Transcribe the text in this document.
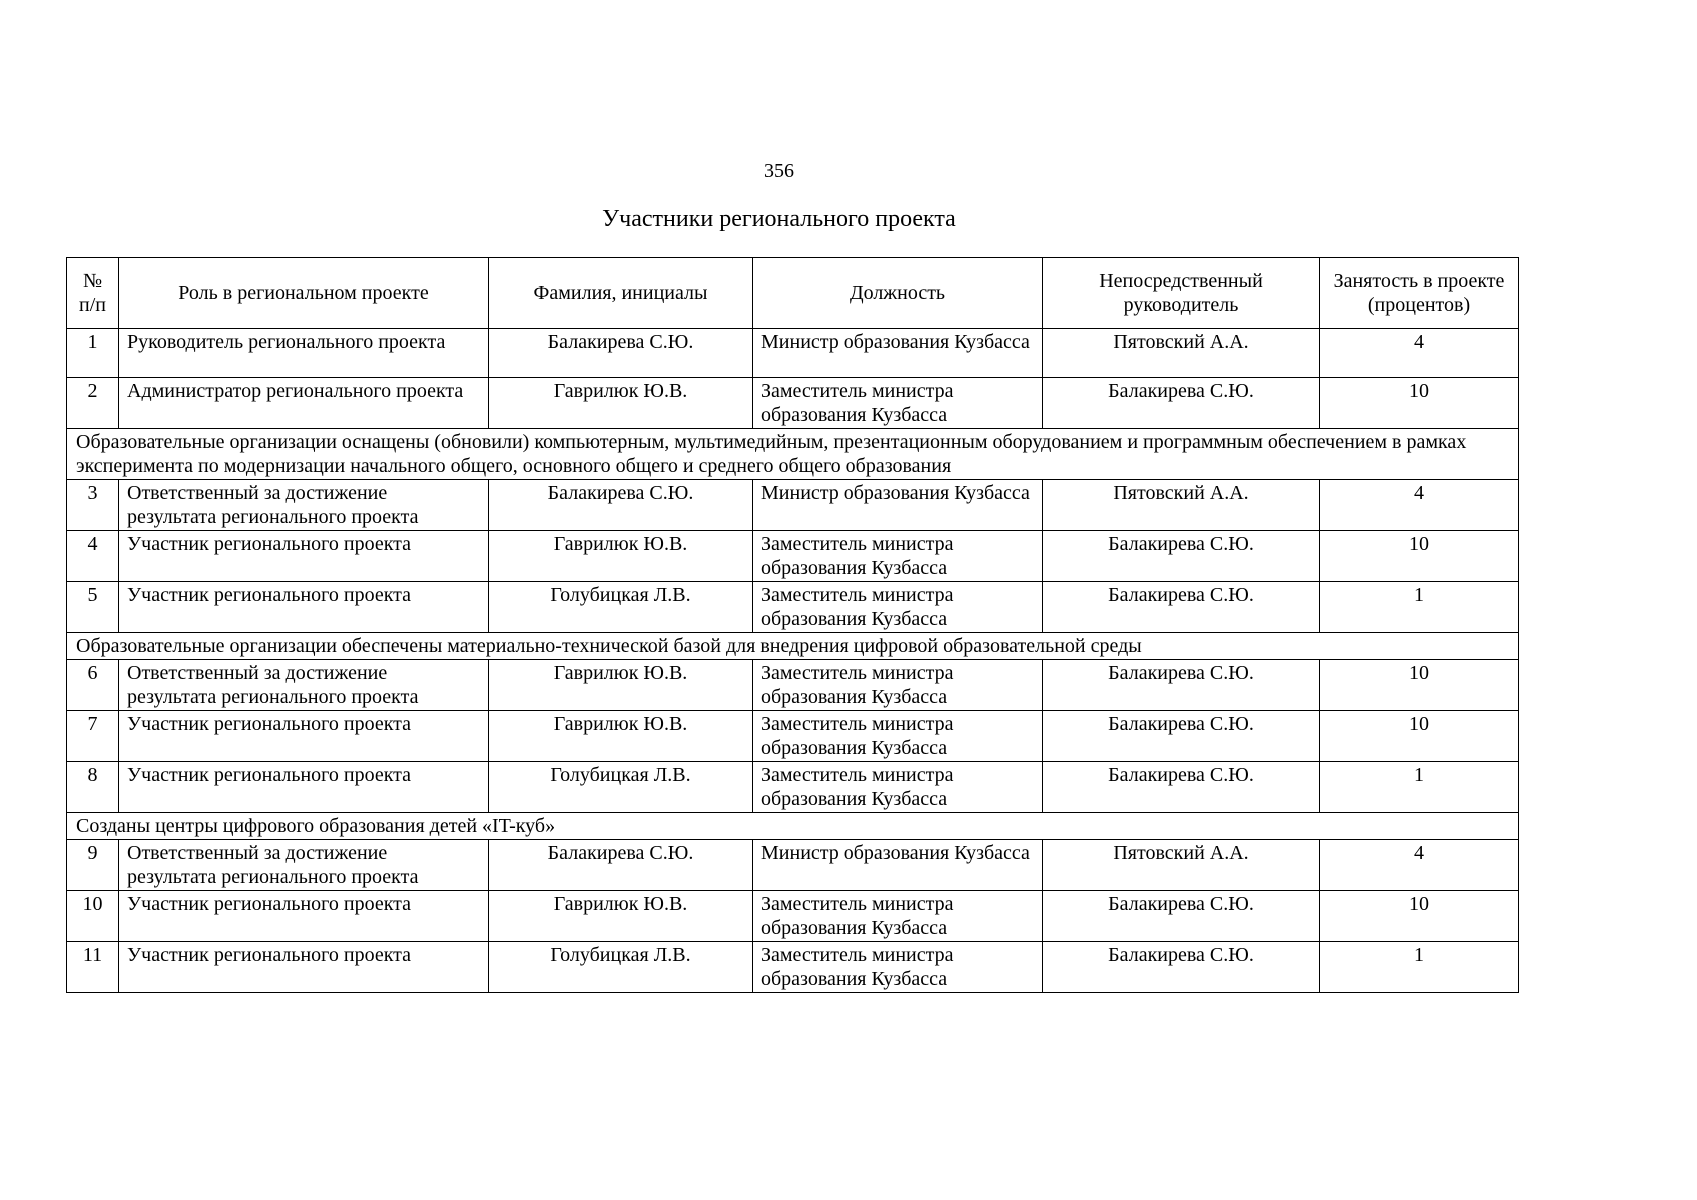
356
Участники регионального проекта
№ п/п	Роль в региональном проекте	Фамилия, инициалы	Должность	Непосредственный руководитель	Занятость в проекте (процентов)
1	Руководитель регионального проекта	Балакирева С.Ю.	Министр образования Кузбасса	Пятовский А.А.	4
2	Администратор регионального проекта	Гаврилюк Ю.В.	Заместитель министра образования Кузбасса	Балакирева С.Ю.	10
Образовательные организации оснащены (обновили) компьютерным, мультимедийным, презентационным оборудованием и программным обеспечением в рамках эксперимента по модернизации начального общего, основного общего и среднего общего образования					
3	Ответственный за достижение результата регионального проекта	Балакирева С.Ю.	Министр образования Кузбасса	Пятовский А.А.	4
4	Участник регионального проекта	Гаврилюк Ю.В.	Заместитель министра образования Кузбасса	Балакирева С.Ю.	10
5	Участник регионального проекта	Голубицкая Л.В.	Заместитель министра образования Кузбасса	Балакирева С.Ю.	1
Образовательные организации обеспечены материально-технической базой для внедрения цифровой образовательной среды					
6	Ответственный за достижение результата регионального проекта	Гаврилюк Ю.В.	Заместитель министра образования Кузбасса	Балакирева С.Ю.	10
7	Участник регионального проекта	Гаврилюк Ю.В.	Заместитель министра образования Кузбасса	Балакирева С.Ю.	10
8	Участник регионального проекта	Голубицкая Л.В.	Заместитель министра образования Кузбасса	Балакирева С.Ю.	1
Созданы центры цифрового образования детей «IT-куб»					
9	Ответственный за достижение результата регионального проекта	Балакирева С.Ю.	Министр образования Кузбасса	Пятовский А.А.	4
10	Участник регионального проекта	Гаврилюк Ю.В.	Заместитель министра образования Кузбасса	Балакирева С.Ю.	10
11	Участник регионального проекта	Голубицкая Л.В.	Заместитель министра образования Кузбасса	Балакирева С.Ю.	1
